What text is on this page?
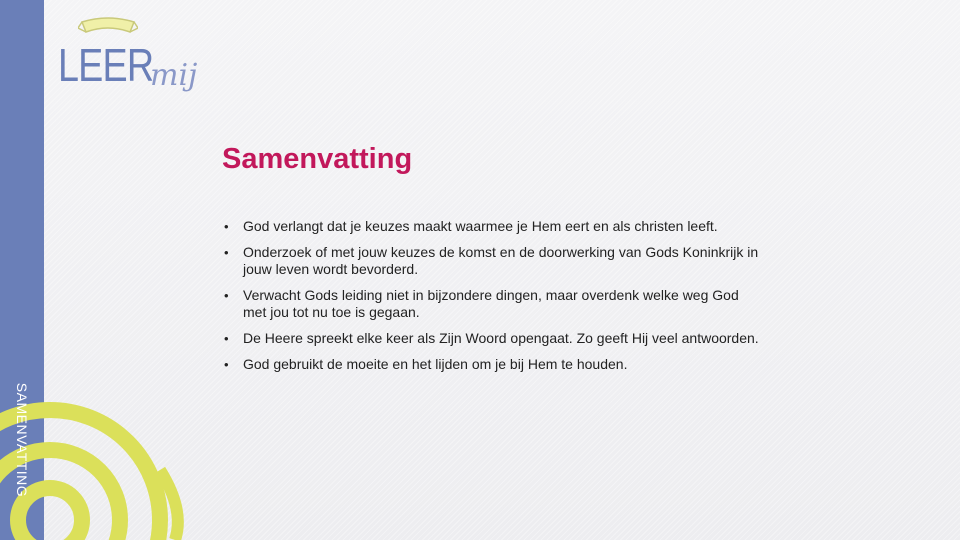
SAMENVATTING
LEER
mij
Samenvatting
• God verlangt dat je keuzes maakt waarmee je Hem eert en als christen leeft.
• Onderzoek of met jouw keuzes de komst en de doorwerking van Gods Koninkrijk in jouw leven wordt bevorderd.
• Verwacht Gods leiding niet in bijzondere dingen, maar overdenk welke weg God met jou tot nu toe is gegaan.
• De Heere spreekt elke keer als Zijn Woord opengaat. Zo geeft Hij veel antwoorden.
• God gebruikt de moeite en het lijden om je bij Hem te houden.
